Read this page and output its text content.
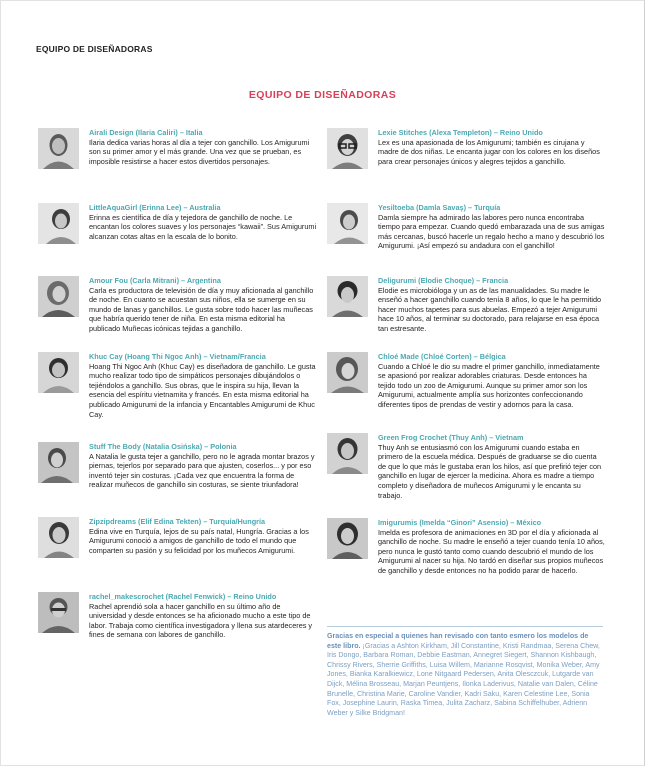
EQUIPO DE DISEÑADORAS
EQUIPO DE DISEÑADORAS
Airali Design (Ilaria Caliri) – Italia
Ilaria dedica varias horas al día a tejer con ganchillo. Los Amigurumi son su primer amor y el más grande. Una vez que se prueban, es imposible resistirse a hacer estos divertidos personajes.
LittleAquaGirl (Erinna Lee) – Australia
Erinna es científica de día y tejedora de ganchillo de noche. Le encantan los colores suaves y los personajes “kawaii”. Sus Amigurumi alcanzan cotas altas en la escala de lo bonito.
Amour Fou (Carla Mitrani) – Argentina
Carla es productora de televisión de día y muy aficionada al ganchillo de noche. En cuanto se acuestan sus niños, ella se sumerge en su mundo de lanas y ganchillos. Le gusta sobre todo hacer las muñecas que habría querido tener de niña. En esta misma editorial ha publicado Muñecas icónicas tejidas a ganchillo.
Khuc Cay (Hoang Thi Ngoc Anh) – Vietnam/Francia
Hoang Thi Ngoc Anh (Khuc Cay) es diseñadora de ganchillo. Le gusta mucho realizar todo tipo de simpáticos personajes dibujándolos o tejiéndolos a ganchillo. Sus obras, que le inspira su hija, llevan la esencia del espíritu vietnamita y francés. En esta misma editorial ha publicado Amigurumi de la infancia y Encantables Amigurumi de Khuc Cay.
Stuff The Body (Natalia Osińska) – Polonia
A Natalia le gusta tejer a ganchillo, pero no le agrada montar brazos y piernas, tejerlos por separado para que ajusten, coserlos... y por eso inventó tejer sin costuras. ¡Cada vez que encuentra la forma de realizar muñecos de ganchillo sin costuras, se siente triunfadora!
Zipzipdreams (Elif Edina Tekten) – Turquía/Hungría
Edina vive en Turquía, lejos de su país natal, Hungría. Gracias a los Amigurumi conoció a amigos de ganchillo de todo el mundo que comparten su pasión y su felicidad por los muñecos Amigurumi.
rachel_makescrochet (Rachel Fenwick) – Reino Unido
Rachel aprendió sola a hacer ganchillo en su último año de universidad y desde entonces se ha aficionado mucho a este tipo de labor. Trabaja como científica investigadora y llena sus atardeceres y fines de semana con labores de ganchillo.
Lexie Stitches (Alexa Templeton) – Reino Unido
Lex es una apasionada de los Amigurumi; también es cirujana y madre de dos niñas. Le encanta jugar con los colores en los diseños para crear personajes únicos y alegres tejidos a ganchillo.
Yesiltoeba (Damla Savaş) – Turquía
Damla siempre ha admirado las labores pero nunca encontraba tiempo para empezar. Cuando quedó embarazada una de sus amigas más cercanas, buscó hacerle un regalo hecho a mano y descubrió los Amigurumi. ¡Así empezó su andadura con el ganchillo!
Deligurumi (Elodie Choque) – Francia
Elodie es microbióloga y un as de las manualidades. Su madre le enseñó a hacer ganchillo cuando tenía 8 años, lo que le ha permitido hacer muchos tapetes para sus abuelas. Empezó a tejer Amigurumi hace 10 años, al terminar su doctorado, para relajarse en esa época tan estresante.
Chloé Made (Chloé Corten) – Bélgica
Cuando a Chloé le dio su madre el primer ganchillo, inmediatamente se apasionó por realizar adorables criaturas. Desde entonces ha tejido todo un zoo de Amigurumi. Aunque su primer amor son los Amigurumi, actualmente amplía sus horizontes confeccionando diferentes tipos de prendas de vestir y adornos para la casa.
Green Frog Crochet (Thuy Anh) – Vietnam
Thuy Anh se entusiasmó con los Amigurumi cuando estaba en primero de la escuela médica. Después de graduarse se dio cuenta de que lo que más le gustaba eran los hilos, así que prefirió tejer con ganchillo en lugar de ejercer la medicina. Ahora es madre a tiempo completo y diseñadora de muñecos Amigurumi y le encanta su trabajo.
Imigurumis (Imelda “Ginori” Asensio) – México
Imelda es profesora de animaciones en 3D por el día y aficionada al ganchillo de noche. Su madre le enseñó a tejer cuando tenía 10 años, pero nunca le gustó tanto como cuando descubrió el mundo de los Amigurumi al nacer su hija. No tardó en diseñar sus propios muñecos de ganchillo y desde entonces no ha podido parar de hacerlo.
Gracias en especial a quienes han revisado con tanto esmero los modelos de este libro. ¡Gracias a Ashton Kirkham, Jill Constantine, Kristi Randmaa, Serena Chew, Iris Dongo, Barbara Roman, Debbie Eastman, Annegret Siegert, Shannon Kishbaugh, Chrissy Rivers, Sherrie Griffiths, Luisa Willem, Marianne Rosqvist, Monika Weber, Amy Jones, Bianka Karalkiewicz, Lone Nitgaard Pedersen, Anita Olesczcuk, Lutgarde van Dijck, Mélina Brosseau, Marjan Peuntjens, Ilonka Laderivus, Natalie van Dalen, Céline Brunelle, Christina Marie, Caroline Vandier, Kadri Saku, Karen Celestine Lee, Sonia Fox, Josephine Laurin, Raska Timea, Julita Zacharz, Sabina Schiffelhuber, Adrienn Weber y Silke Bridgman!
